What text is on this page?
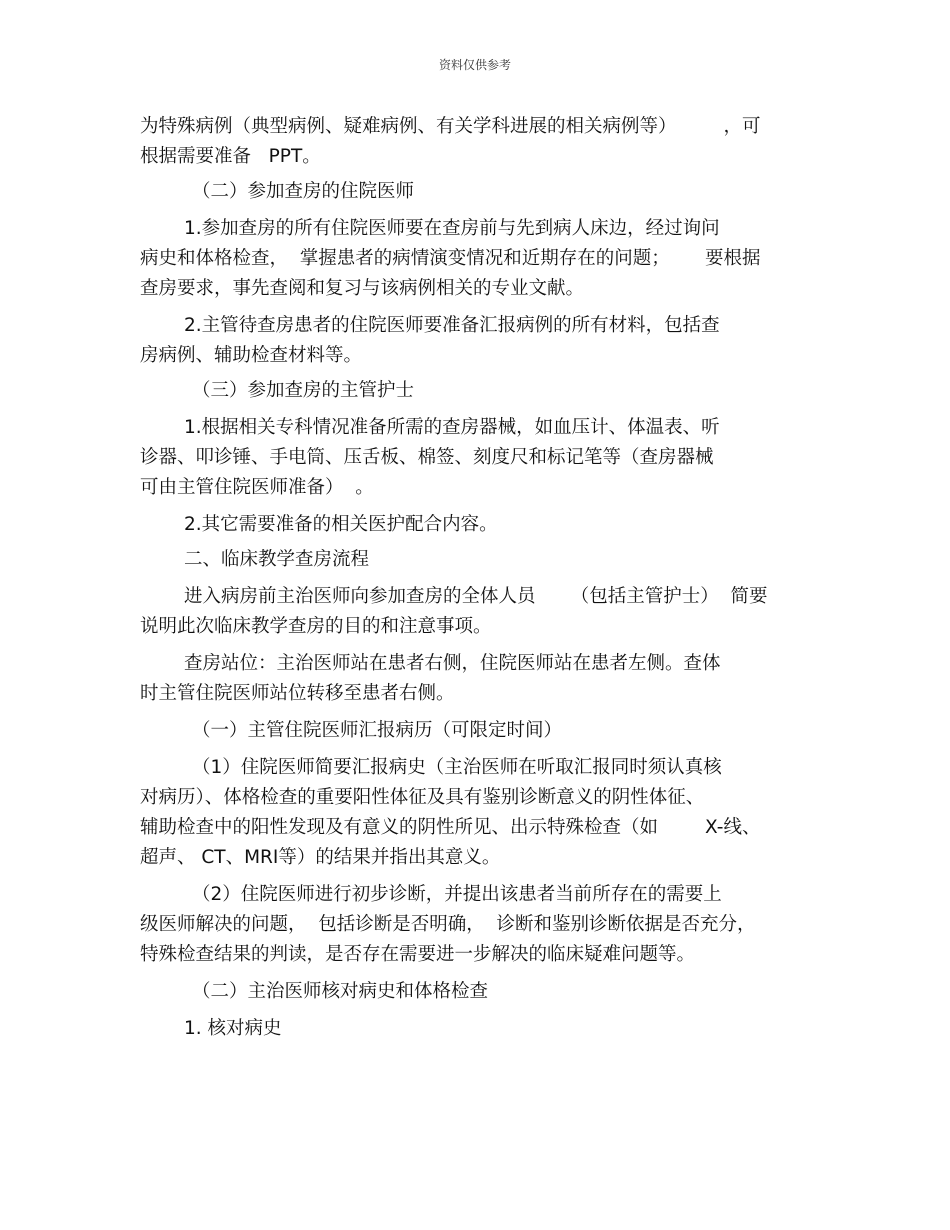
资料仅供参考

为特殊病例（典型病例、疑难病例、有关学科进展的相关病例等）        ，可

根据需要准备   PPT。

（二）参加查房的住院医师

1.参加查房的所有住院医师要在查房前与先到病人床边，经过询问

病史和体格检查，  掌握患者的病情演变情况和近期存在的问题；      要根据

查房要求，事先查阅和复习与该病例相关的专业文献。

2.主管待查房患者的住院医师要准备汇报病例的所有材料，包括查

房病例、辅助检查材料等。

（三）参加查房的主管护士

1.根据相关专科情况准备所需的查房器械，如血压计、体温表、听

诊器、叩诊锤、手电筒、压舌板、棉签、刻度尺和标记笔等（查房器械

可由主管住院医师准备）  。

2.其它需要准备的相关医护配合内容。

二、临床教学查房流程

进入病房前主治医师向参加查房的全体人员      （包括主管护士）  简要

说明此次临床教学查房的目的和注意事项。

查房站位：主治医师站在患者右侧，住院医师站在患者左侧。查体

时主管住院医师站位转移至患者右侧。

（一）主管住院医师汇报病历（可限定时间）

（1）住院医师简要汇报病史（主治医师在听取汇报同时须认真核

对病历）、体格检查的重要阳性体征及具有鉴别诊断意义的阴性体征、

辅助检查中的阳性发现及有意义的阴性所见、出示特殊检查（如        X-线、

超声、 CT、MRI等）的结果并指出其意义。

（2）住院医师进行初步诊断，并提出该患者当前所存在的需要上

级医师解决的问题，  包括诊断是否明确，  诊断和鉴别诊断依据是否充分，

特殊检查结果的判读，是否存在需要进一步解决的临床疑难问题等。

（二）主治医师核对病史和体格检查

1. 核对病史
